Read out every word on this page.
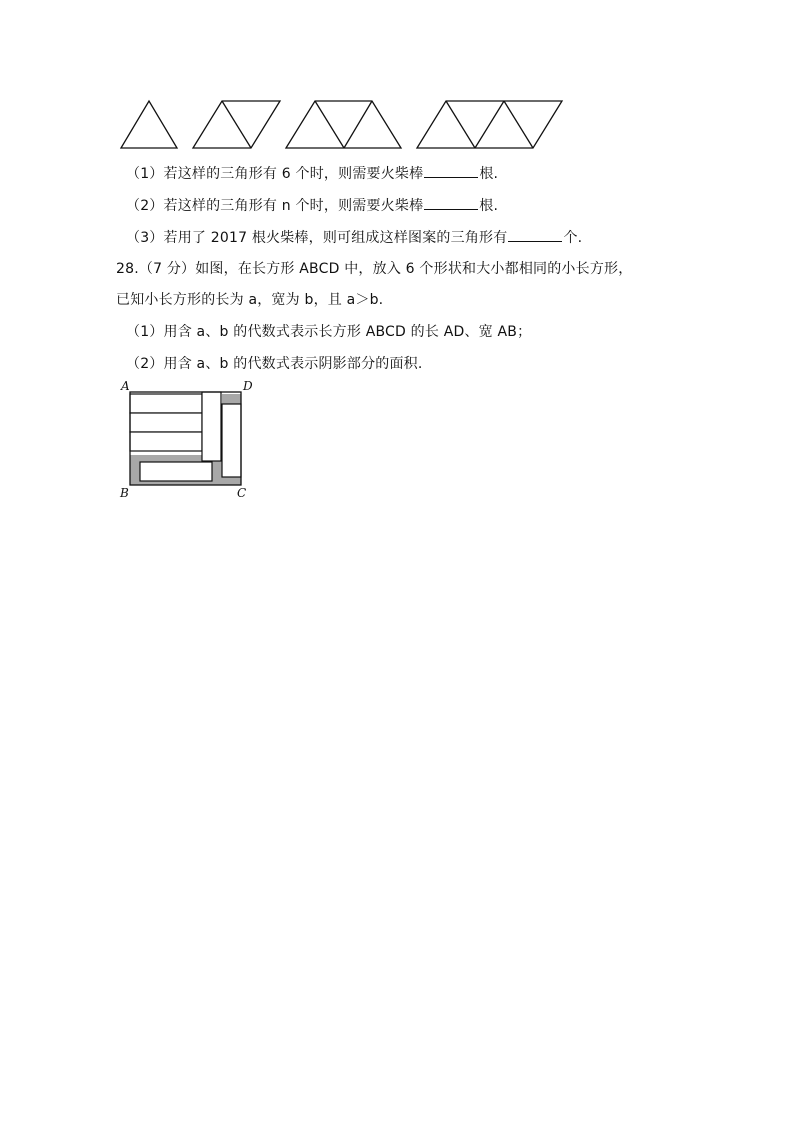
（1）若这样的三角形有 6 个时，则需要火柴棒	根.
（2）若这样的三角形有 n 个时，则需要火柴棒	根.
（3）若用了 2017 根火柴棒，则可组成这样图案的三角形有	个.
28.（7 分）如图，在长方形 ABCD 中，放入 6 个形状和大小都相同的小长方形，
已知小长方形的长为 a，宽为 b，且 a＞b.
（1）用含 a、b 的代数式表示长方形 ABCD 的长 AD、宽 AB；
（2）用含 a、b 的代数式表示阴影部分的面积.
A	D
B	C
